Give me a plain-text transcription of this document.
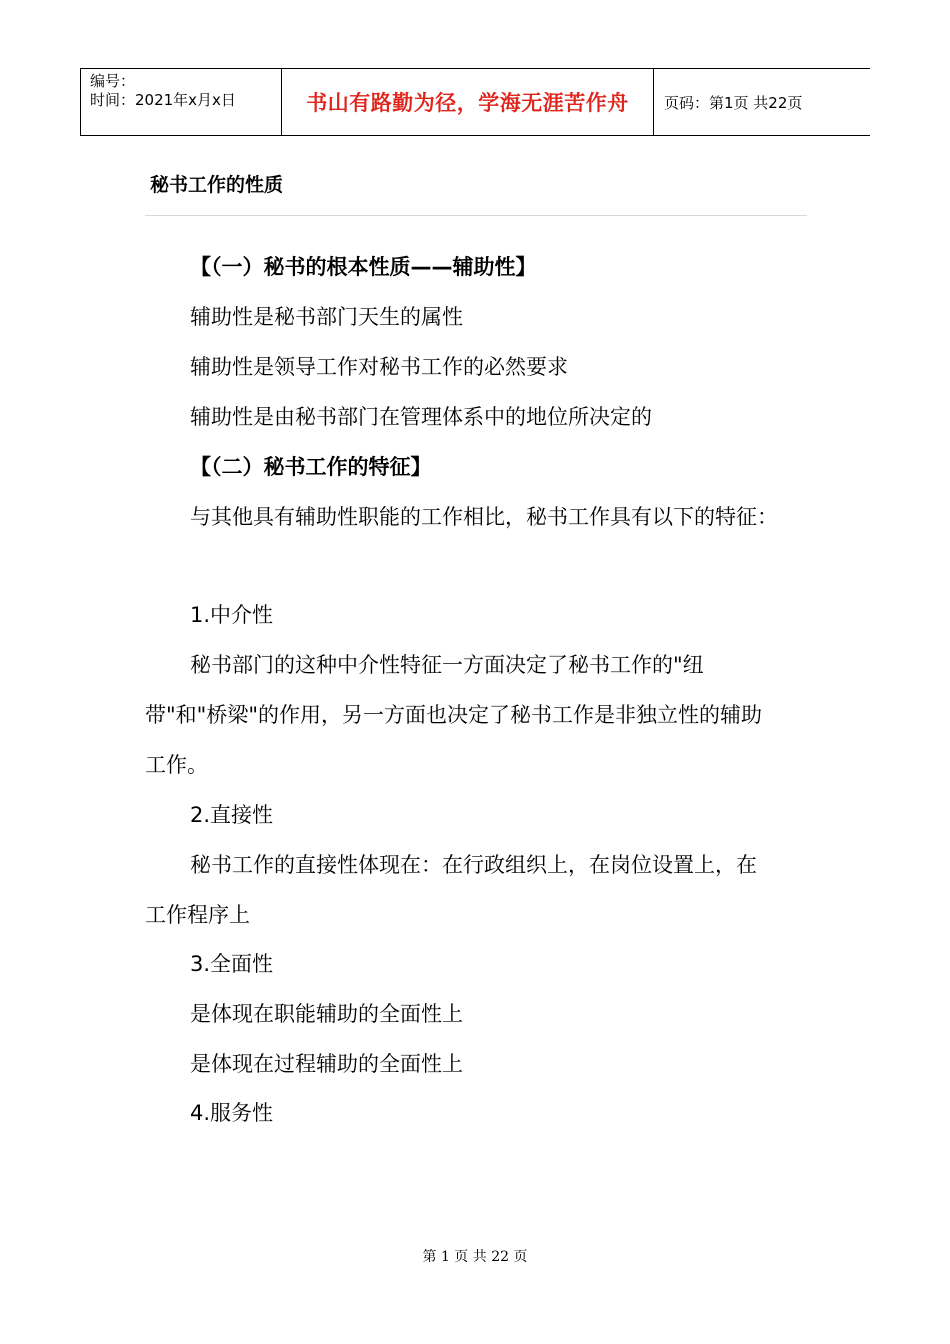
编号：
时间：2021年x月x日	书山有路勤为径，学海无涯苦作舟 页码：第1页 共22页
秘书工作的性质
【（一）秘书的根本性质——辅助性】
辅助性是秘书部门天生的属性
辅助性是领导工作对秘书工作的必然要求
辅助性是由秘书部门在管理体系中的地位所决定的
【（二）秘书工作的特征】
与其他具有辅助性职能的工作相比，秘书工作具有以下的特征：
1.中介性
秘书部门的这种中介性特征一方面决定了秘书工作的"纽
带"和"桥梁"的作用，另一方面也决定了秘书工作是非独立性的辅助
工作。
2.直接性
秘书工作的直接性体现在：在行政组织上，在岗位设置上，在
工作程序上
3.全面性
是体现在职能辅助的全面性上
是体现在过程辅助的全面性上
4.服务性
第 1 页 共 22 页
